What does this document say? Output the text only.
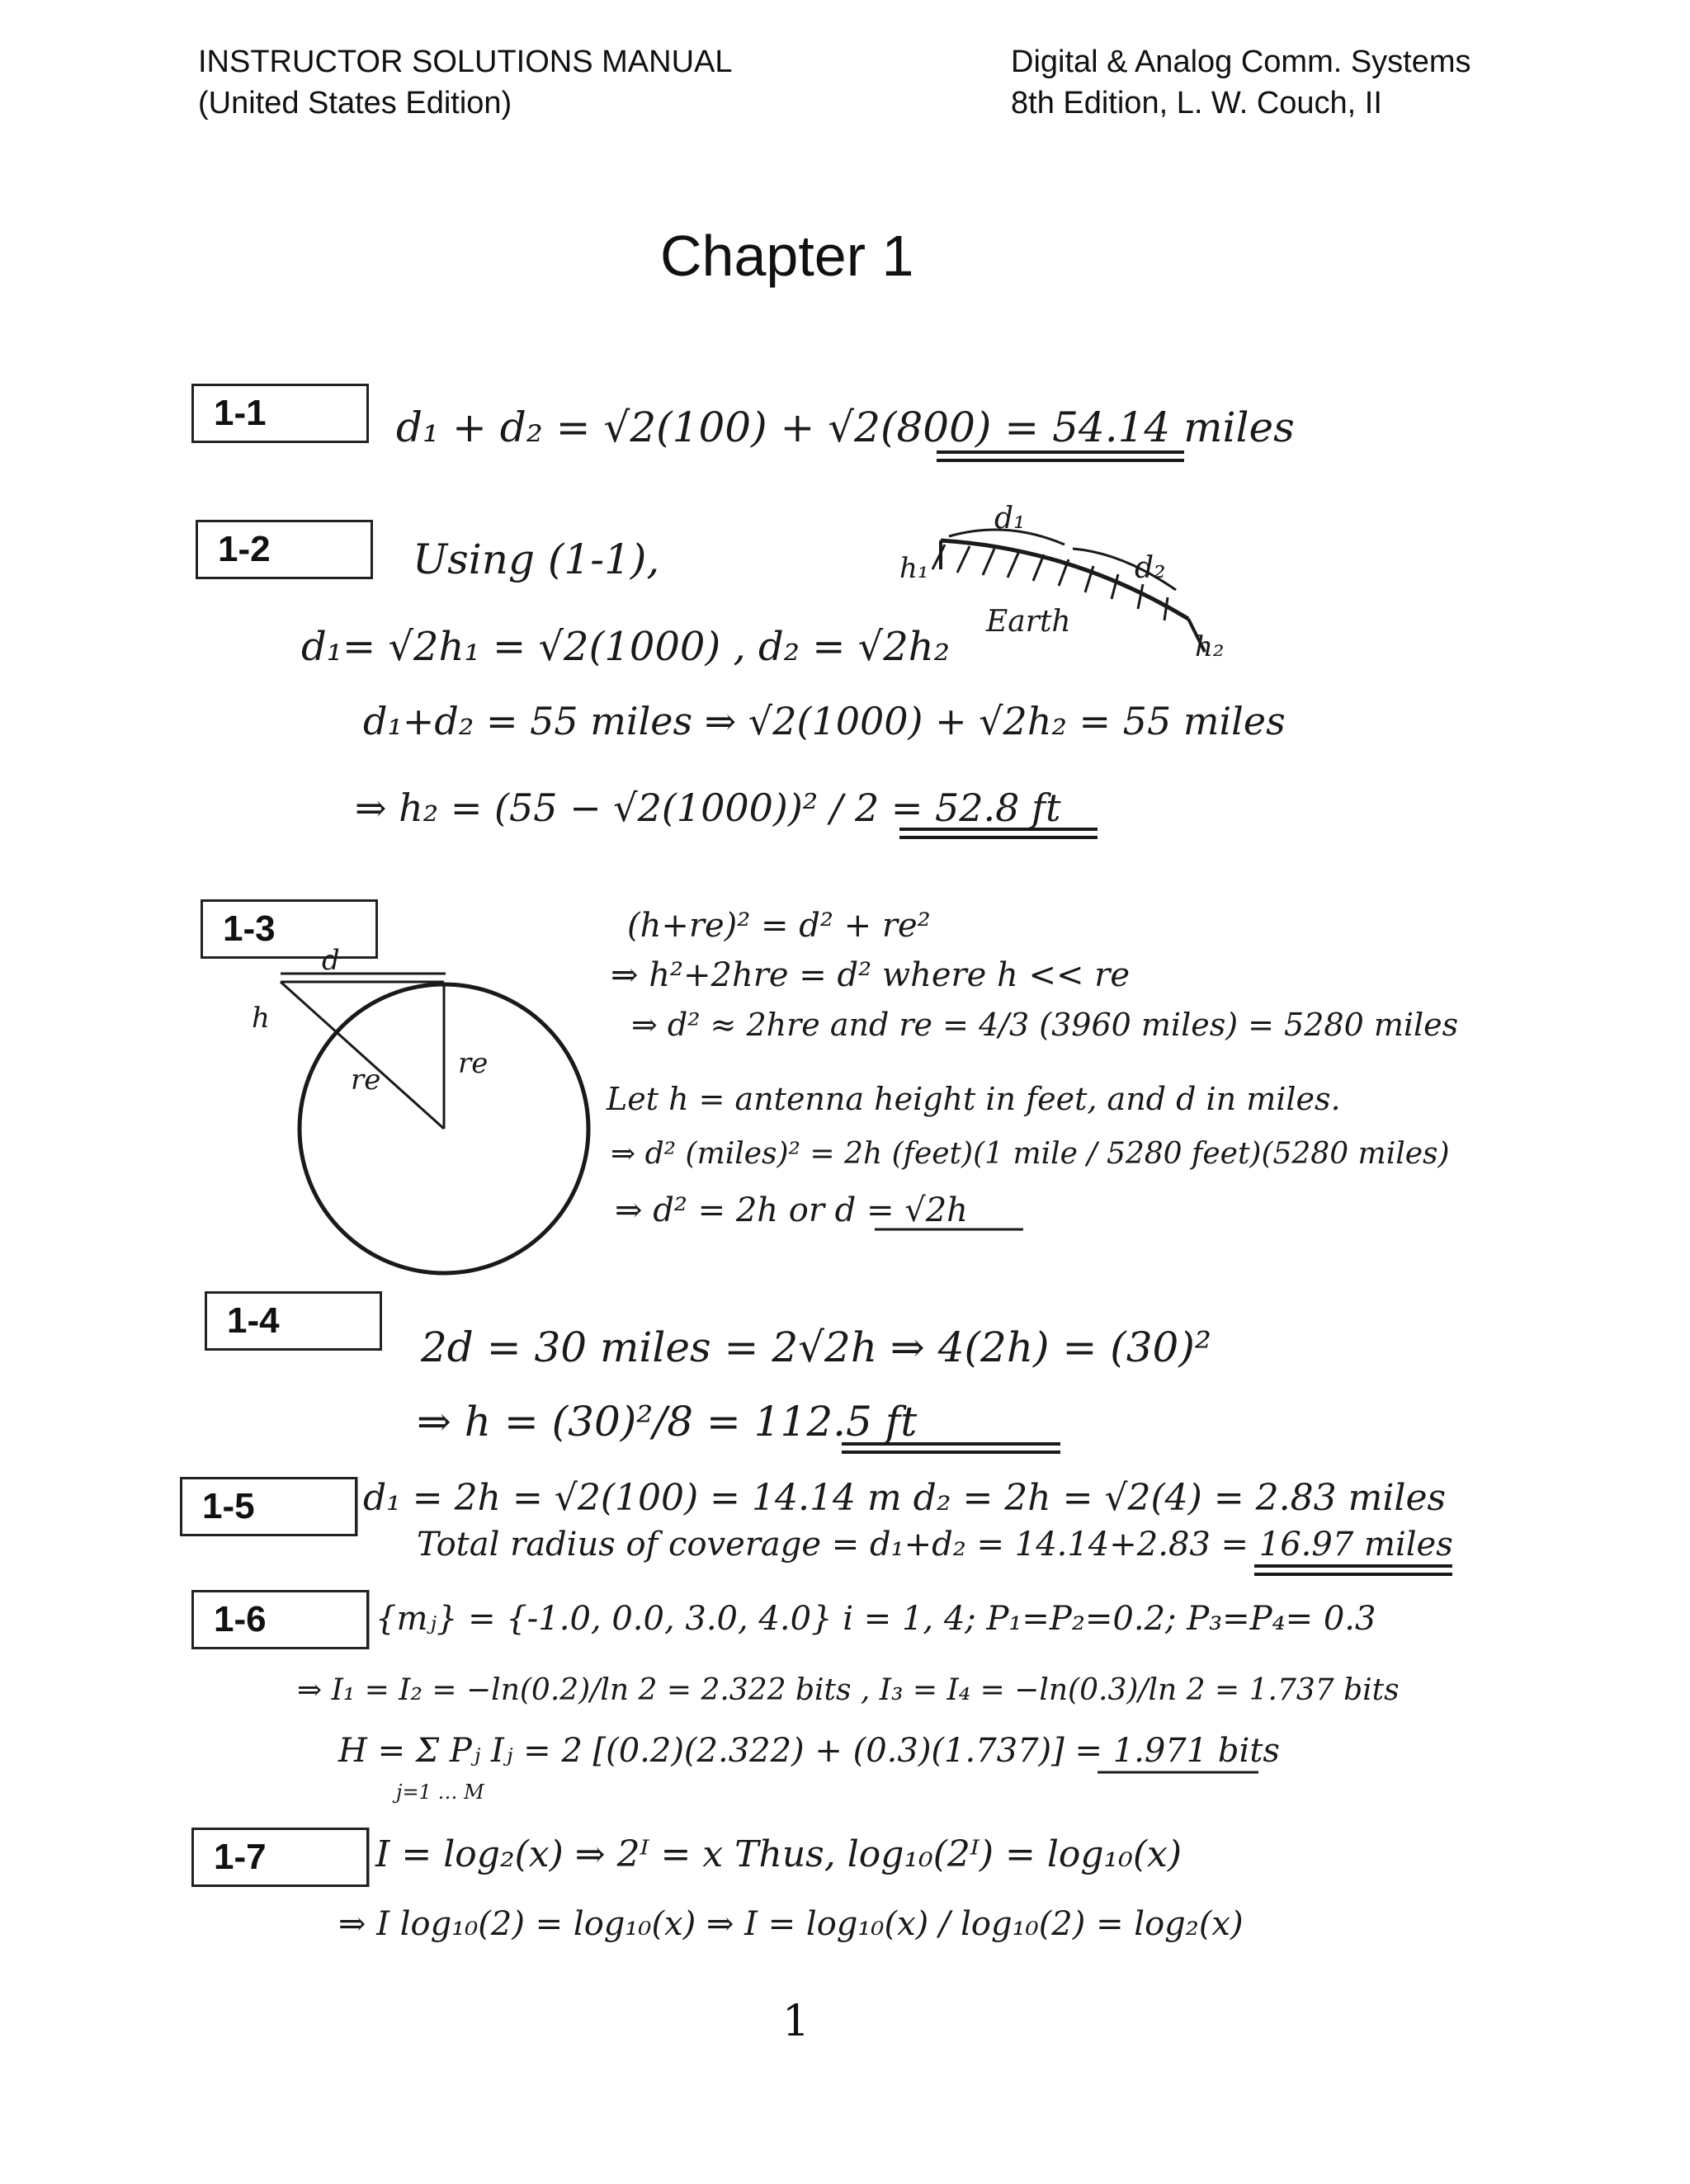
INSTRUCTOR SOLUTIONS MANUAL
(United States Edition)
Digital & Analog Comm. Systems
8th Edition, L. W. Couch, II
Chapter 1
1-1
1-2
1-3
1-4
1-5
1-6
1-7
d₁ + d₂ = √2(100) + √2(800) = 54.14 miles
Using (1-1),
d₁= √2h₁ = √2(1000) , d₂ = √2h₂
d₁+d₂ = 55 miles ⇒ √2(1000) + √2h₂ = 55 miles
⇒ h₂ = (55 − √2(1000))² / 2 = 52.8 ft
d₁
d₂
h₁
h₂
Earth
d
h
re
re
(h+re)² = d² + re²
⇒ h²+2hre = d² where h << re
⇒ d² ≈ 2hre and re = 4/3 (3960 miles) = 5280 miles
Let h = antenna height in feet, and d in miles.
⇒ d² (miles)² = 2h (feet)(1 mile / 5280 feet)(5280 miles)
⇒ d² = 2h or d = √2h
2d = 30 miles = 2√2h ⇒ 4(2h) = (30)²
⇒ h = (30)²/8 = 112.5 ft
d₁ = 2h = √2(100) = 14.14 m d₂ = 2h = √2(4) = 2.83 miles
Total radius of coverage = d₁+d₂ = 14.14+2.83 = 16.97 miles
{mⱼ} = {-1.0, 0.0, 3.0, 4.0} i = 1, 4; P₁=P₂=0.2; P₃=P₄= 0.3
⇒ I₁ = I₂ = −ln(0.2)/ln 2 = 2.322 bits , I₃ = I₄ = −ln(0.3)/ln 2 = 1.737 bits
H = Σ Pⱼ Iⱼ = 2 [(0.2)(2.322) + (0.3)(1.737)] = 1.971 bits
j=1 … M
I = log₂(x) ⇒ 2ᴵ = x Thus, log₁₀(2ᴵ) = log₁₀(x)
⇒ I log₁₀(2) = log₁₀(x) ⇒ I = log₁₀(x) / log₁₀(2) = log₂(x)
1
